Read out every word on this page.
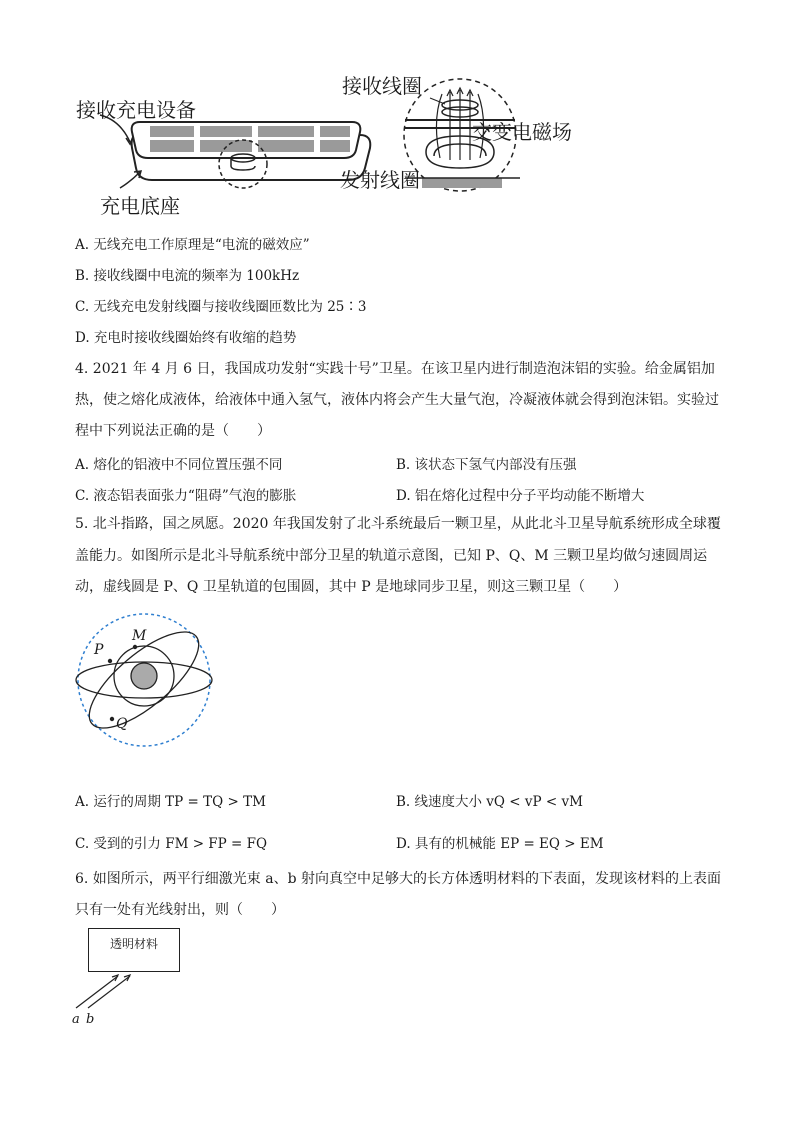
接收充电设备
充电底座
接收线圈
交变电磁场
发射线圈
A. 无线充电工作原理是“电流的磁效应”
B. 接收线圈中电流的频率为 100kHz
C. 无线充电发射线圈与接收线圈匝数比为 25∶3
D. 充电时接收线圈始终有收缩的趋势
4. 2021 年 4 月 6 日，我国成功发射“实践十号”卫星。在该卫星内进行制造泡沫铝的实验。给金属铝加
热，使之熔化成液体，给液体中通入氢气，液体内将会产生大量气泡，冷凝液体就会得到泡沫铝。实验过
程中下列说法正确的是（　　）
A. 熔化的铝液中不同位置压强不同	B. 该状态下氢气内部没有压强
C. 液态铝表面张力“阻碍”气泡的膨胀	D. 铝在熔化过程中分子平均动能不断增大
5. 北斗指路，国之夙愿。2020 年我国发射了北斗系统最后一颗卫星，从此北斗卫星导航系统形成全球覆
盖能力。如图所示是北斗导航系统中部分卫星的轨道示意图，已知 P、Q、M 三颗卫星均做匀速圆周运
动，虚线圆是 P、Q 卫星轨道的包围圆，其中 P 是地球同步卫星，则这三颗卫星（　　）
P
M
Q
A. 运行的周期 TP = TQ > TM	B. 线速度大小 vQ < vP < vM
C. 受到的引力 FM > FP = FQ	D. 具有的机械能 EP = EQ > EM
6. 如图所示，两平行细激光束 a、b 射向真空中足够大的长方体透明材料的下表面，发现该材料的上表面
只有一处有光线射出，则（　　）
透明材料
a b
